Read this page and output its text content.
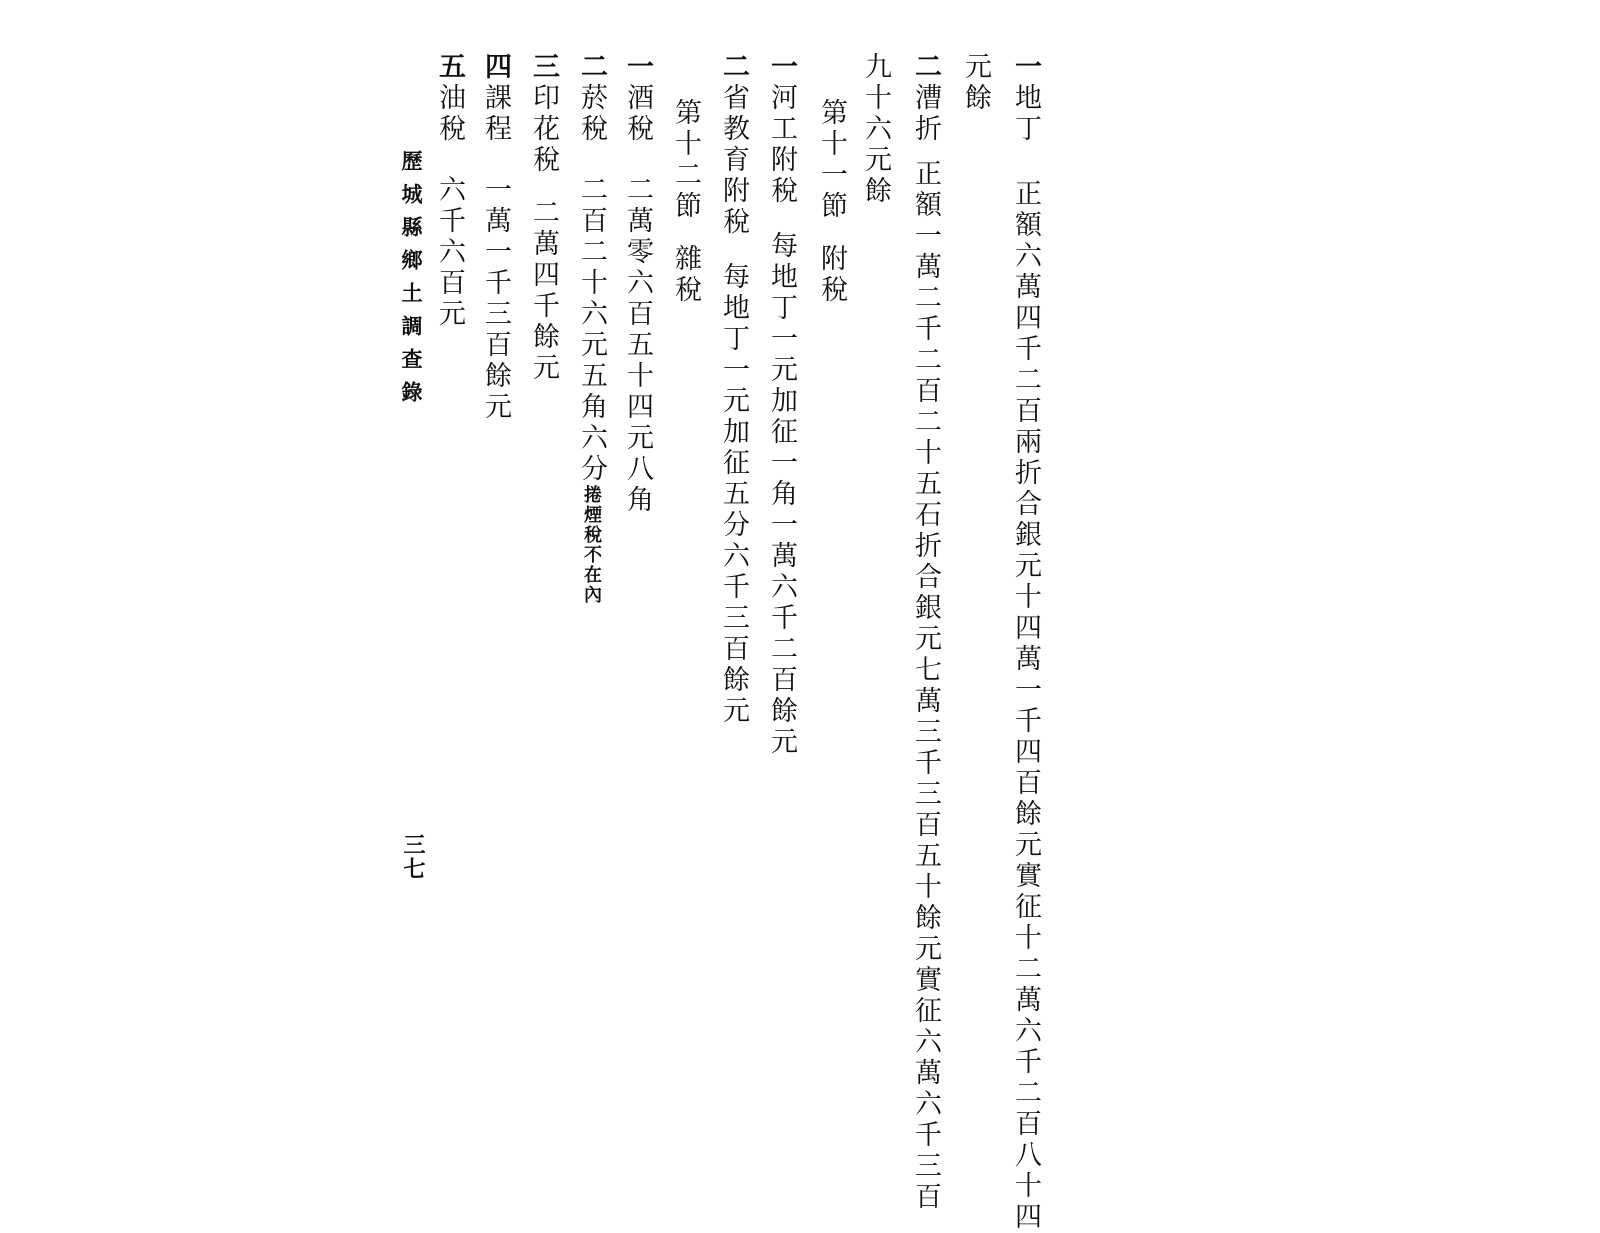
一地丁正額六萬四千二百兩折合銀元十四萬一千四百餘元實征十二萬六千二百八十四
元餘
二漕折正額一萬二千二百二十五石折合銀元七萬三千三百五十餘元實征六萬六千三百
九十六元餘
第十一節附稅
一河工附稅每地丁一元加征一角一萬六千二百餘元
二省教育附稅每地丁一元加征五分六千三百餘元
第十二節雜稅
一酒稅二萬零六百五十四元八角
二菸稅二百二十六元五角六分捲煙稅不在內
三印花稅二萬四千餘元
四課程一萬一千三百餘元
五油稅六千六百元
歷城縣鄉土調查錄
三七
